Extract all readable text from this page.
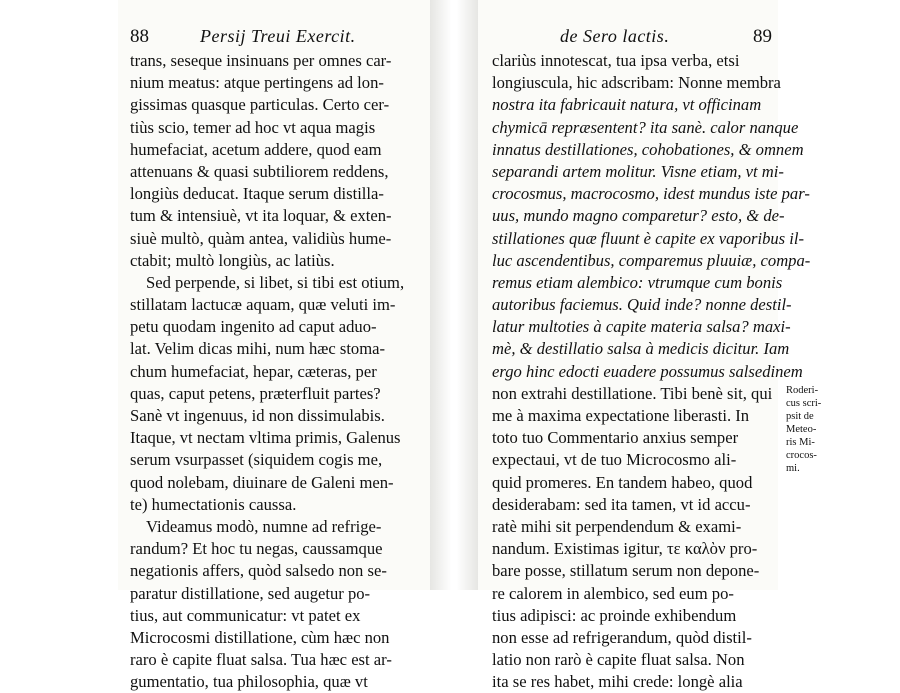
88	Persij Treui Exercit.
trans, seseque insinuans per omnes car-
nium meatus: atque pertingens ad lon-
gissimas quasque particulas. Certo cer-
tiùs scio, temer ad hoc vt aqua magis
humefaciat, acetum addere, quod eam
attenuans & quasi subtiliorem reddens,
longiùs deducat. Itaque serum distilla-
tum & intensiuè, vt ita loquar, & exten-
siuè multò, quàm antea, validiùs hume-
ctabit; multò longiùs, ac latiùs.
Sed perpende, si libet, si tibi est otium,
stillatam lactucæ aquam, quæ veluti im-
petu quodam ingenito ad caput aduo-
lat. Velim dicas mihi, num hæc stoma-
chum humefaciat, hepar, cæteras, per
quas, caput petens, præterfluit partes?
Sanè vt ingenuus, id non dissimulabis.
Itaque, vt nectam vltima primis, Galenus
serum vsurpasset (siquidem cogis me,
quod nolebam, diuinare de Galeni men-
te) humectationis caussa.
Videamus modò, numne ad refrige-
randum? Et hoc tu negas, caussamque
negationis affers, quòd salsedo non se-
paratur distillatione, sed augetur po-
tius, aut communicatur: vt patet ex
Microcosmi distillatione, cùm hæc non
raro è capite fluat salsa. Tua hæc est ar-
gumentatio, tua philosophia, quæ vt
de Sero lactis.	89
clariùs innotescat, tua ipsa verba, etsi
longiuscula, hic adscribam: Nonne membra
nostra ita fabricauit natura, vt officinam
chymicā repræsentent? ita sanè. calor nanque
innatus destillationes, cohobationes, & omnem
separandi artem molitur. Visne etiam, vt mi-
crocosmus, macrocosmo, idest mundus iste par-
uus, mundo magno comparetur? esto, & de-
stillationes quæ fluunt è capite ex vaporibus il-
luc ascendentibus, comparemus pluuiæ, compa-
remus etiam alembico: vtrumque cum bonis
autoribus faciemus. Quid inde? nonne destil-
latur multoties à capite materia salsa? maxi-
mè, & destillatio salsa à medicis dicitur. Iam
ergo hinc edocti euadere possumus salsedinem
non extrahi destillatione. Tibi benè sit, qui
me à maxima expectatione liberasti. In
toto tuo Commentario anxius semper
expectaui, vt de tuo Microcosmo ali-
quid promeres. En tandem habeo, quod
desiderabam: sed ita tamen, vt id accu-
ratè mihi sit perpendendum & exami-
nandum. Existimas igitur, τε καλὸν pro-
bare posse, stillatum serum non depone-
re calorem in alembico, sed eum po-
tius adipisci: ac proinde exhibendum
non esse ad refrigerandum, quòd distil-
latio non rarò è capite fluat salsa. Non
ita se res habet, mihi crede: longè alia
Roderi-
cus scri-
psit de
Meteo-
ris Mi-
crocos-
mi.
